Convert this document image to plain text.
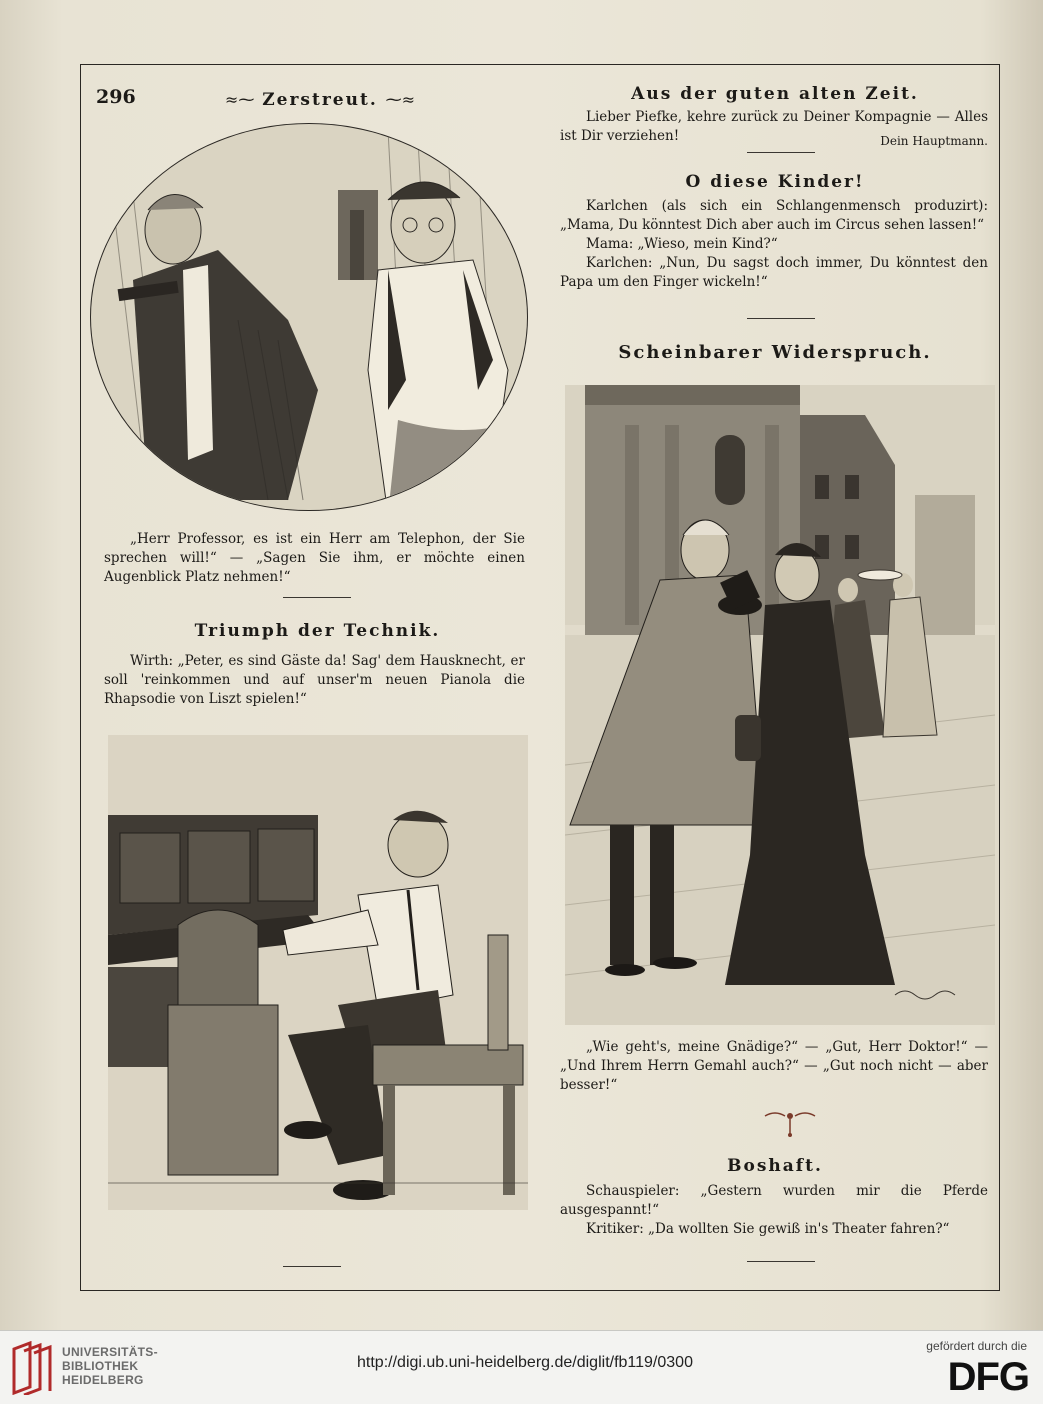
296	≈⁓ Zerstreut. ⁓≈

„Herr Professor, es ist ein Herr am Telephon, der Sie sprechen will!“ — „Sagen Sie ihm, er möchte einen Augenblick Platz nehmen!“

Triumph der Technik.

Wirth: „Peter, es sind Gäste da! Sag' dem Hausknecht, er soll 'reinkommen und auf unser'm neuen Pianola die Rhapsodie von Liszt spielen!“

Aus der guten alten Zeit.

Lieber Piefke, kehre zurück zu Deiner Kompagnie — Alles ist Dir verziehen!	Dein Hauptmann.
O diese Kinder!

Karlchen (als sich ein Schlangenmensch produzirt): „Mama, Du könntest Dich aber auch im Circus sehen lassen!“

Mama: „Wieso, mein Kind?“

Karlchen: „Nun, Du sagst doch immer, Du könntest den Papa um den Finger wickeln!“

Scheinbarer Widerspruch.

„Wie geht's, meine Gnädige?“ — „Gut, Herr Doktor!“ — „Und Ihrem Herrn Gemahl auch?“ — „Gut noch nicht — aber besser!“

Boshaft.

Schauspieler: „Gestern wurden mir die Pferde ausgespannt!“

Kritiker: „Da wollten Sie gewiß in's Theater fahren?“

UNIVERSITÄTS-
BIBLIOTHEK
HEIDELBERG
http://digi.ub.uni-heidelberg.de/diglit/fb119/0300
gefördert durch die
DFG
